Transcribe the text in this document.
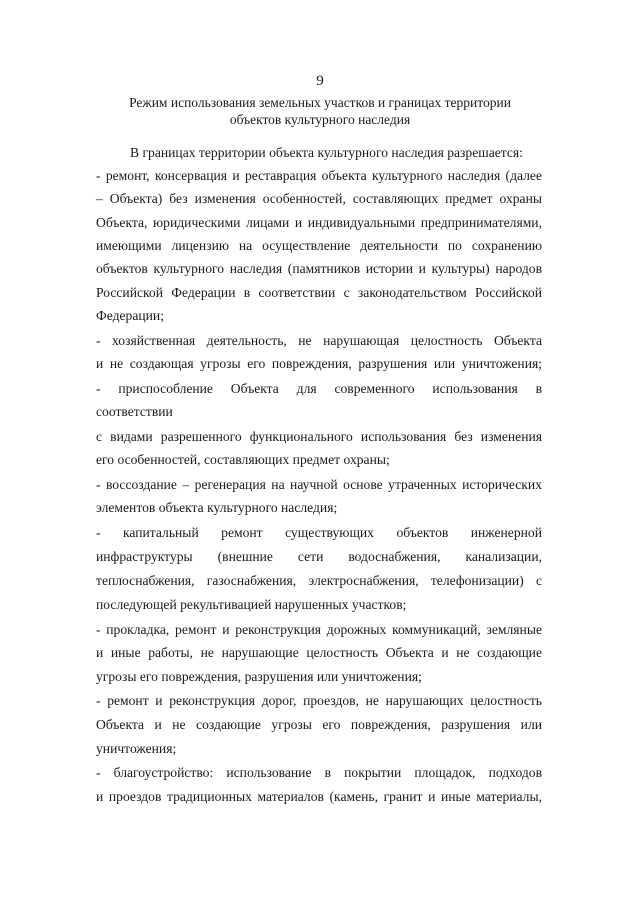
9
Режим использования земельных участков и границах территории
объектов культурного наследия
В границах территории объекта культурного наследия разрешается:
- ремонт, консервация и реставрация объекта культурного наследия (далее
– Объекта) без изменения особенностей, составляющих предмет охраны
Объекта, юридическими лицами и индивидуальными предпринимателями,
имеющими лицензию на осуществление деятельности по сохранению
объектов культурного наследия (памятников истории и культуры) народов
Российской Федерации в соответствии с законодательством Российской
Федерации;
- хозяйственная деятельность, не нарушающая целостность Объекта
и не создающая угрозы его повреждения, разрушения или уничтожения;
- приспособление Объекта для современного использования в
соответствии
с видами разрешенного функционального использования без изменения
его особенностей, составляющих предмет охраны;
- воссоздание – регенерация на научной основе утраченных исторических
элементов объекта культурного наследия;
- капитальный ремонт существующих объектов инженерной
инфраструктуры (внешние сети водоснабжения, канализации,
теплоснабжения, газоснабжения, электроснабжения, телефонизации) с
последующей рекультивацией нарушенных участков;
- прокладка, ремонт и реконструкция дорожных коммуникаций, земляные
и иные работы, не нарушающие целостность Объекта и не создающие
угрозы его повреждения, разрушения или уничтожения;
- ремонт и реконструкция дорог, проездов, не нарушающих целостность
Объекта и не создающие угрозы его повреждения, разрушения или
уничтожения;
- благоустройство: использование в покрытии площадок, подходов
и проездов традиционных материалов (камень, гранит и иные материалы,
